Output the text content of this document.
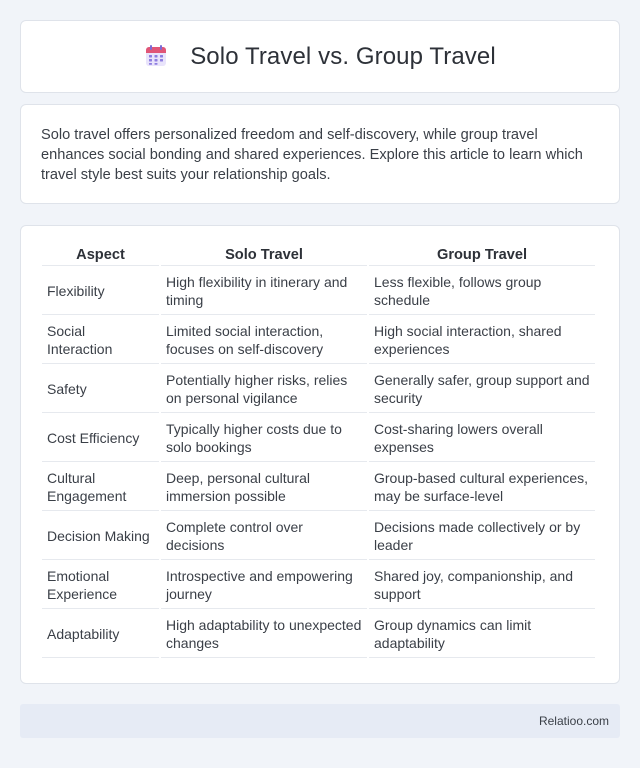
Solo Travel vs. Group Travel

Solo travel offers personalized freedom and self-discovery, while group travel enhances social bonding and shared experiences. Explore this article to learn which travel style best suits your relationship goals.

Aspect	Solo Travel	Group Travel
Flexibility	High flexibility in itinerary and timing	Less flexible, follows group schedule
Social Interaction	Limited social interaction, focuses on self-discovery	High social interaction, shared experiences
Safety	Potentially higher risks, relies on personal vigilance	Generally safer, group support and security
Cost Efficiency	Typically higher costs due to solo bookings	Cost-sharing lowers overall expenses
Cultural Engagement	Deep, personal cultural immersion possible	Group-based cultural experiences, may be surface-level
Decision Making	Complete control over decisions	Decisions made collectively or by leader
Emotional Experience	Introspective and empowering journey	Shared joy, companionship, and support
Adaptability	High adaptability to unexpected changes	Group dynamics can limit adaptability
Relatioo.com
